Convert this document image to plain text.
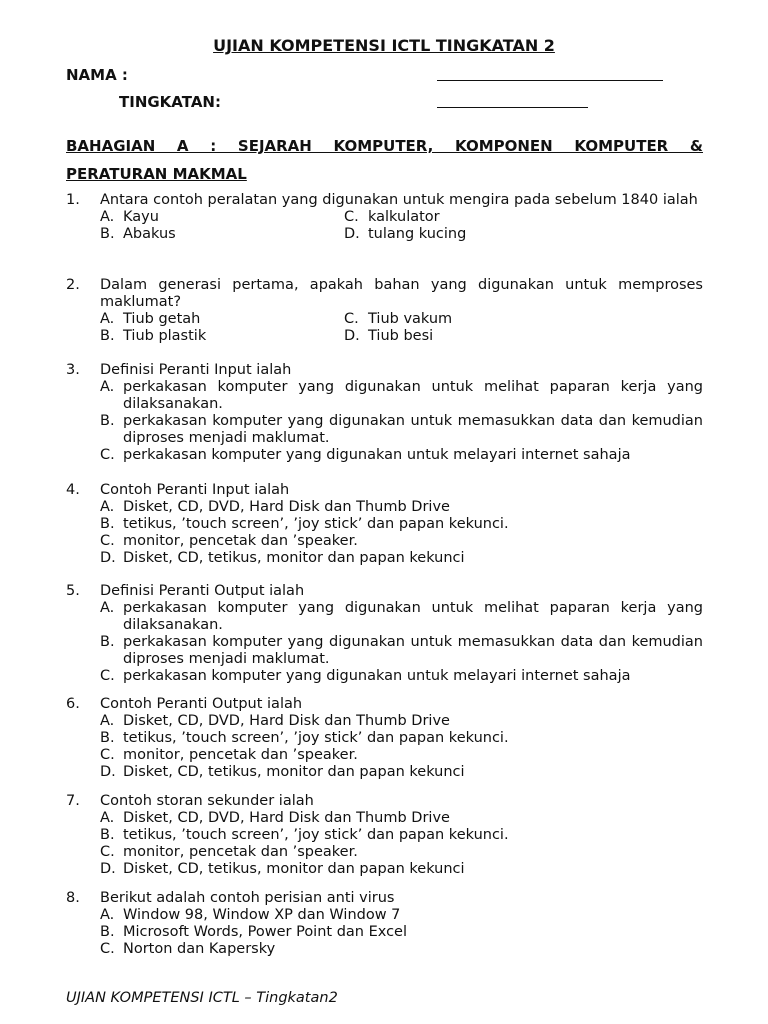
UJIAN KOMPETENSI ICTL TINGKATAN 2
NAMA :
TINGKATAN:
BAHAGIAN A : SEJARAH KOMPUTER, KOMPONEN KOMPUTER &
PERATURAN MAKMAL
1. Antara contoh peralatan yang digunakan untuk mengira pada sebelum 1840 ialah
A. Kayu	C. kalkulator
B. Abakus	D. tulang kucing
2. Dalam generasi pertama, apakah bahan yang digunakan untuk memproses maklumat?
A. Tiub getah	C. Tiub vakum
B. Tiub plastik	D. Tiub besi
3. Definisi Peranti Input ialah
A. perkakasan komputer yang digunakan untuk melihat paparan kerja yang dilaksanakan.
B. perkakasan komputer yang digunakan untuk memasukkan data dan kemudian diproses menjadi maklumat.
C. perkakasan komputer yang digunakan untuk melayari internet sahaja
4. Contoh Peranti Input ialah
A. Disket, CD, DVD, Hard Disk dan Thumb Drive
B. tetikus, ’touch screen’, ’joy stick’ dan papan kekunci.
C. monitor, pencetak dan ’speaker.
D. Disket, CD, tetikus, monitor dan papan kekunci
5. Definisi Peranti Output ialah
A. perkakasan komputer yang digunakan untuk melihat paparan kerja yang dilaksanakan.
B. perkakasan komputer yang digunakan untuk memasukkan data dan kemudian diproses menjadi maklumat.
C. perkakasan komputer yang digunakan untuk melayari internet sahaja
6. Contoh Peranti Output ialah
A. Disket, CD, DVD, Hard Disk dan Thumb Drive
B. tetikus, ’touch screen’, ’joy stick’ dan papan kekunci.
C. monitor, pencetak dan ’speaker.
D. Disket, CD, tetikus, monitor dan papan kekunci
7. Contoh storan sekunder ialah
A. Disket, CD, DVD, Hard Disk dan Thumb Drive
B. tetikus, ’touch screen’, ’joy stick’ dan papan kekunci.
C. monitor, pencetak dan ’speaker.
D. Disket, CD, tetikus, monitor dan papan kekunci
8. Berikut adalah contoh perisian anti virus
A. Window 98, Window XP dan Window 7
B. Microsoft Words, Power Point dan Excel
C. Norton dan Kapersky
UJIAN KOMPETENSI ICTL – Tingkatan2
